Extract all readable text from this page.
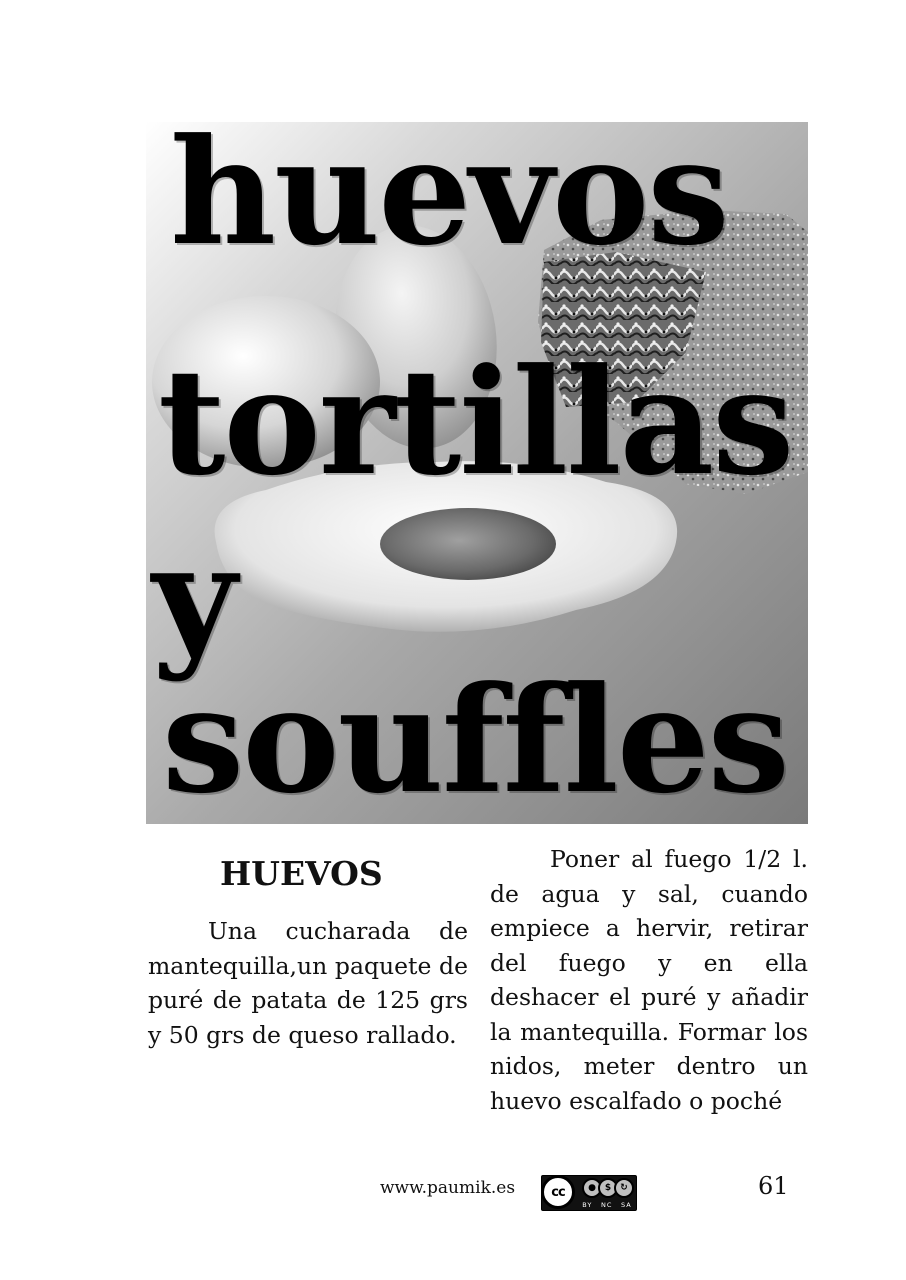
huevos
tortillas
y
souffles
HUEVOS

Una cucharada de mantequilla,un paquete de puré de patata de 125 grs y 50 grs de queso rallado.

Poner al fuego 1/2 l. de agua y sal, cuando empiece a hervir, retirar del fuego y en ella deshacer el puré y añadir la mantequilla. Formar los nidos, meter dentro un huevo escalfado o poché

www.paumik.es	cc	● $	↻
BY NC SA
61
